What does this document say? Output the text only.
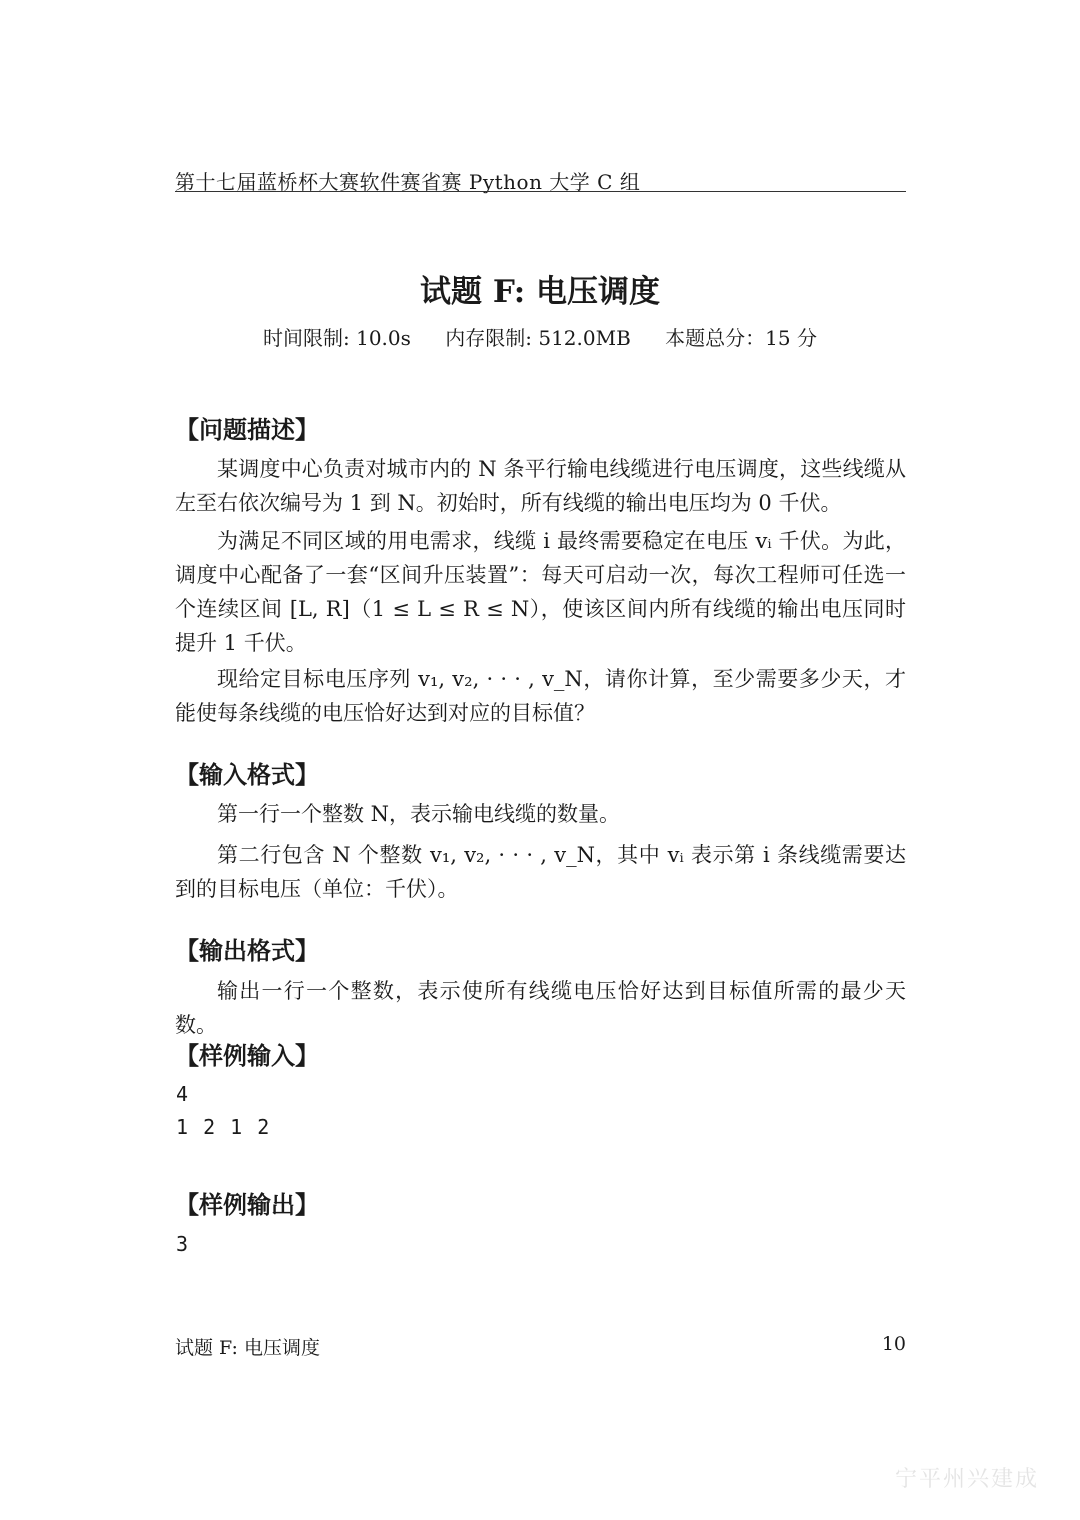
第十七届蓝桥杯大赛软件赛省赛 Python 大学 C 组
试题 F: 电压调度
时间限制: 10.0s 内存限制: 512.0MB 本题总分：15 分
【问题描述】
某调度中心负责对城市内的 N 条平行输电线缆进行电压调度，这些线缆从左至右依次编号为 1 到 N。初始时，所有线缆的输出电压均为 0 千伏。
为满足不同区域的用电需求，线缆 i 最终需要稳定在电压 vᵢ 千伏。为此，调度中心配备了一套“区间升压装置”：每天可启动一次，每次工程师可任选一个连续区间 [L, R]（1 ≤ L ≤ R ≤ N），使该区间内所有线缆的输出电压同时提升 1 千伏。
现给定目标电压序列 v₁, v₂, · · · , v_N，请你计算，至少需要多少天，才能使每条线缆的电压恰好达到对应的目标值？
【输入格式】
第一行一个整数 N，表示输电线缆的数量。
第二行包含 N 个整数 v₁, v₂, · · · , v_N，其中 vᵢ 表示第 i 条线缆需要达到的目标电压（单位：千伏）。
【输出格式】
输出一行一个整数，表示使所有线缆电压恰好达到目标值所需的最少天数。
【样例输入】
4
1 2 1 2
【样例输出】
3
试题 F: 电压调度	10
宁平州兴建成
